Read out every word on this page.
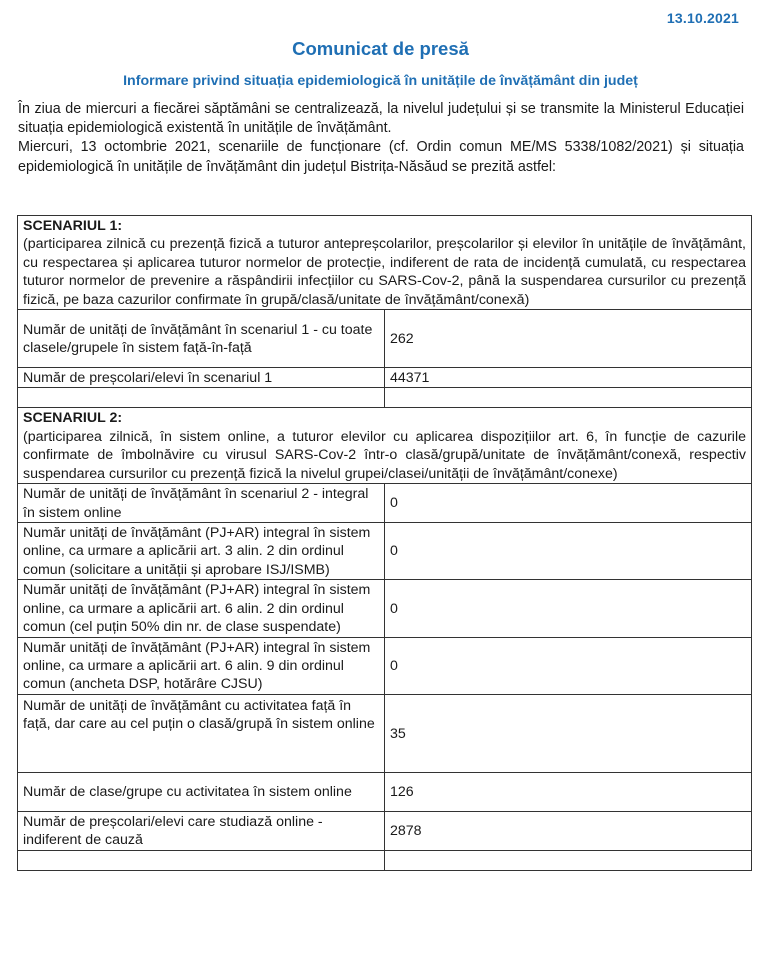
13.10.2021
Comunicat de presă
Informare privind situația epidemiologică în unitățile de învățământ din județ

În ziua de miercuri a fiecărei săptămâni se centralizează, la nivelul județului și se transmite la Ministerul Educației situația epidemiologică existentă în unitățile de învățământ.

Miercuri, 13 octombrie 2021, scenariile de funcționare (cf. Ordin comun ME/MS 5338/1082/2021) și situația epidemiologică în unitățile de învățământ din județul Bistrița-Năsăud se prezită astfel:

SCENARIUL 1:
(participarea zilnică cu prezență fizică a tuturor antepreșcolarilor, preșcolarilor și elevilor în unitățile de învățământ, cu respectarea și aplicarea tuturor normelor de protecție, indiferent de rata de incidență cumulată, cu respectarea tuturor normelor de prevenire a răspândirii infecțiilor cu SARS-Cov-2, până la suspendarea cursurilor cu prezență fizică, pe baza cazurilor confirmate în grupă/clasă/unitate de învățământ/conexă)	

Număr de unități de învățământ în scenariul 1 - cu toate clasele/grupele în sistem față-în-față	262
Număr de preșcolari/elevi în scenariul 1	44371

SCENARIUL 2:
(participarea zilnică, în sistem online, a tuturor elevilor cu aplicarea dispozițiilor art. 6, în funcție de cazurile confirmate de îmbolnăvire cu virusul SARS-Cov-2 într-o clasă/grupă/unitate de învățământ/conexă, respectiv suspendarea cursurilor cu prezență fizică la nivelul grupei/clasei/unității de învățământ/conexe)	

Număr de unități de învățământ în scenariul 2 - integral în sistem online	0
Număr unități de învățământ (PJ+AR) integral în sistem online, ca urmare a aplicării art. 3 alin. 2 din ordinul comun (solicitare a unității și aprobare ISJ/ISMB)	0
Număr unități de învățământ (PJ+AR) integral în sistem online, ca urmare a aplicării art. 6 alin. 2 din ordinul comun (cel puțin 50% din nr. de clase suspendate)	0
Număr unități de învățământ (PJ+AR) integral în sistem online, ca urmare a aplicării art. 6 alin. 9 din ordinul comun (ancheta DSP, hotărâre CJSU)	0
Număr de unități de învățământ cu activitatea față în față, dar care au cel puțin o clasă/grupă în sistem online	35
Număr de clase/grupe cu activitatea în sistem online	126
Număr de preșcolari/elevi care studiază online - indiferent de cauză	2878
